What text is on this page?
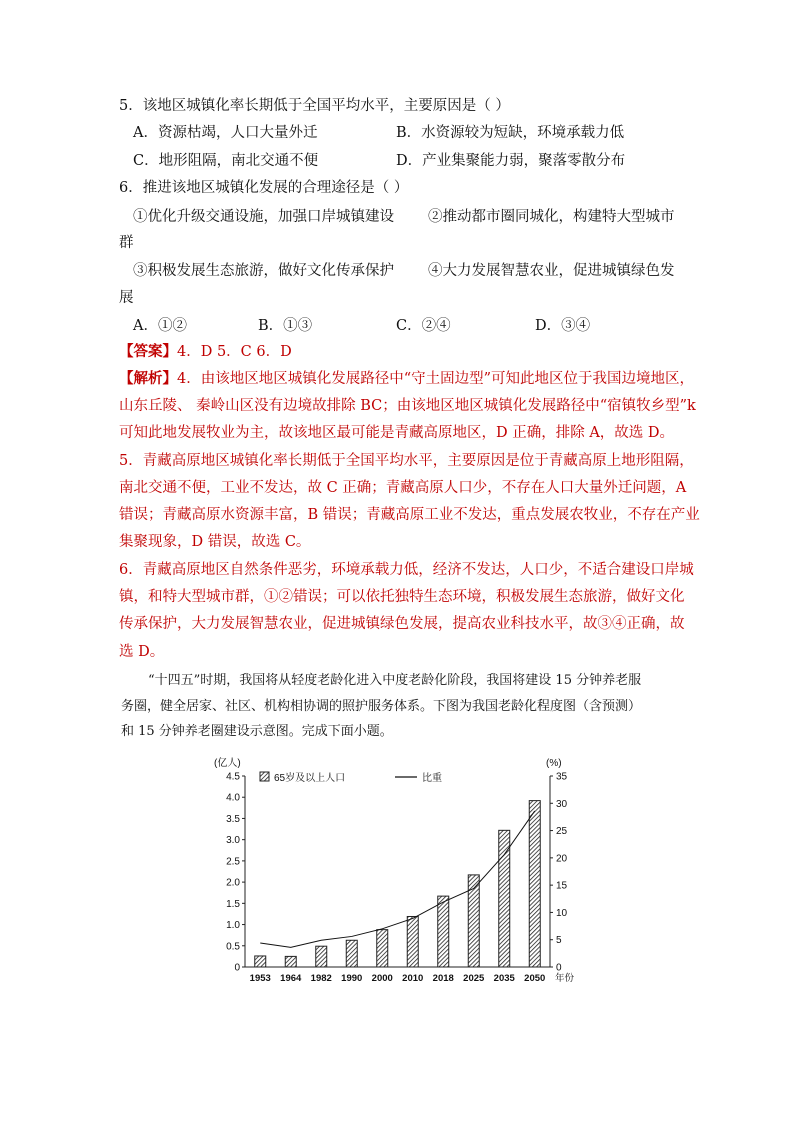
5．该地区城镇化率长期低于全国平均水平，主要原因是（ ）
A．资源枯竭，人口大量外迁	B．水资源较为短缺，环境承载力低
C．地形阻隔，南北交通不便	D．产业集聚能力弱，聚落零散分布
6．推进该地区城镇化发展的合理途径是（ ）
①优化升级交通设施，加强口岸城镇建设 ②推动都市圈同城化，构建特大型城市
群
③积极发展生态旅游，做好文化传承保护 ④大力发展智慧农业，促进城镇绿色发
展
A．①②	B．①③	C．②④	D．③④
【答案】4．D 5．C 6．D
【解析】4．由该地区地区城镇化发展路径中“守土固边型”可知此地区位于我国边境地区，
山东丘陵、 秦岭山区没有边境故排除 BC；由该地区地区城镇化发展路径中“宿镇牧乡型”k
可知此地发展牧业为主，故该地区最可能是青藏高原地区，D 正确，排除 A，故选 D。
5．青藏高原地区城镇化率长期低于全国平均水平，主要原因是位于青藏高原上地形阻隔，
南北交通不便，工业不发达，故 C 正确；青藏高原人口少，不存在人口大量外迁问题，A
错误；青藏高原水资源丰富，B 错误；青藏高原工业不发达，重点发展农牧业，不存在产业
集聚现象，D 错误，故选 C。
6．青藏高原地区自然条件恶劣，环境承载力低，经济不发达，人口少，不适合建设口岸城
镇，和特大型城市群，①②错误；可以依托独特生态环境，积极发展生态旅游，做好文化
传承保护，大力发展智慧农业，促进城镇绿色发展，提高农业科技水平，故③④正确，故
选 D。
“十四五”时期，我国将从轻度老龄化进入中度老龄化阶段，我国将建设 15 分钟养老服
务圈，健全居家、社区、机构相协调的照护服务体系。下图为我国老龄化程度图（含预测）
和 15 分钟养老圈建设示意图。完成下面小题。
0
0.5
1.0
1.5
2.0
2.5
3.0
3.5
4.0
4.5
0
5
10
15
20
25
30
35
(亿人)	(%)
1953 1964 1982 1990 2000 2010 2018 2025 2035 2050 年份
65岁及以上人口	比重
